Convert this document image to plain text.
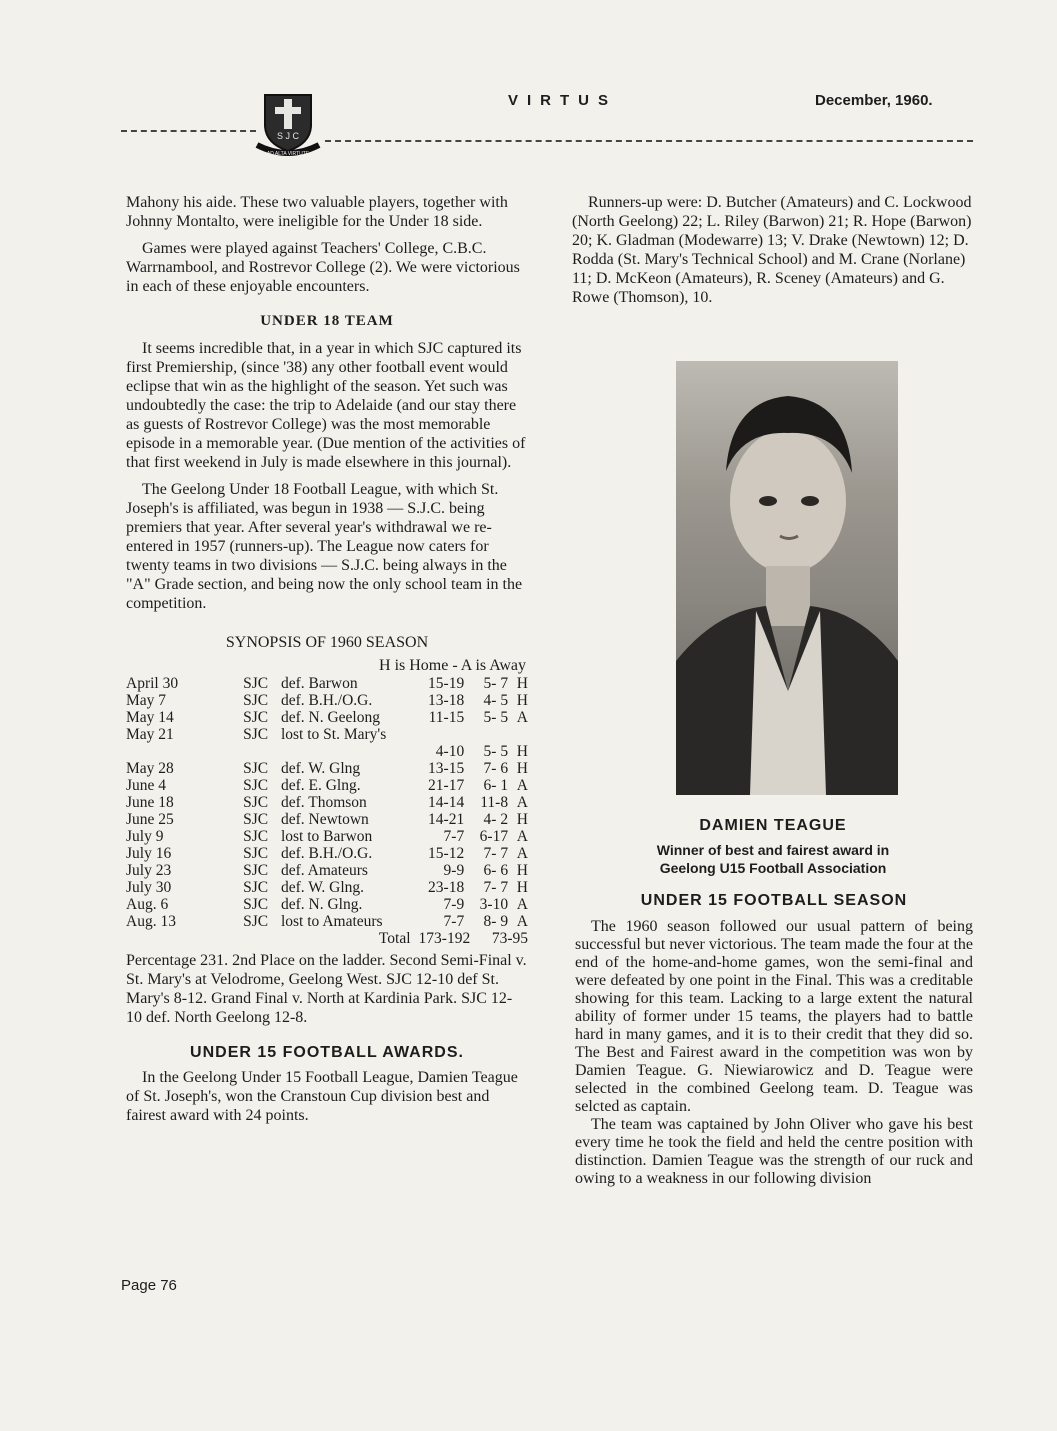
S J C
AD ALTA VIRTUTE
VIRTUS	December, 1960.

Mahony his aide. These two valuable players, together with Johnny Montalto, were ineligible for the Under 18 side.

Games were played against Teachers' College, C.B.C. Warrnambool, and Rostrevor College (2). We were victorious in each of these enjoyable encounters.

UNDER 18 TEAM

It seems incredible that, in a year in which SJC captured its first Premiership, (since '38) any other football event would eclipse that win as the highlight of the season. Yet such was undoubtedly the case: the trip to Adelaide (and our stay there as guests of Rostrevor College) was the most memorable episode in a memorable year. (Due mention of the activities of that first weekend in July is made elsewhere in this journal).

The Geelong Under 18 Football League, with which St. Joseph's is affiliated, was begun in 1938 — S.J.C. being premiers that year. After several year's withdrawal we re-entered in 1957 (runners-up). The League now caters for twenty teams in two divisions — S.J.C. being always in the "A" Grade section, and being now the only school team in the competition.

SYNOPSIS OF 1960 SEASON
H is Home - A is Away
April 30	SJC	def. Barwon	15-19	5- 7	H
May 7	SJC	def. B.H./O.G.	13-18	4- 5	H
May 14	SJC	def. N. Geelong	11-15	5- 5	A
May 21	SJC	lost to St. Mary's			
			4-10	5- 5	H
May 28	SJC	def. W. Glng	13-15	7- 6	H
June 4	SJC	def. E. Glng.	21-17	6- 1	A
June 18	SJC	def. Thomson	14-14	11-8	A
June 25	SJC	def. Newtown	14-21	4- 2	H
July 9	SJC	lost to Barwon	7-7	6-17	A
July 16	SJC	def. B.H./O.G.	15-12	7- 7	A
July 23	SJC	def. Amateurs	9-9	6- 6	H
July 30	SJC	def. W. Glng.	23-18	7- 7	H
Aug. 6	SJC	def. N. Glng.	7-9	3-10	A
Aug. 13	SJC	lost to Amateurs	7-7	8- 9	A
		Total	173-192	73-95	

Percentage 231. 2nd Place on the ladder. Second Semi-Final v. St. Mary's at Velodrome, Geelong West. SJC 12-10 def St. Mary's 8-12. Grand Final v. North at Kardinia Park. SJC 12-10 def. North Geelong 12-8.

UNDER 15 FOOTBALL AWARDS.

In the Geelong Under 15 Football League, Damien Teague of St. Joseph's, won the Cranstoun Cup division best and fairest award with 24 points.

Runners-up were: D. Butcher (Amateurs) and C. Lockwood (North Geelong) 22; L. Riley (Barwon) 21; R. Hope (Barwon) 20; K. Gladman (Modewarre) 13; V. Drake (Newtown) 12; D. Rodda (St. Mary's Technical School) and M. Crane (Norlane) 11; D. McKeon (Amateurs), R. Sceney (Amateurs) and G. Rowe (Thomson), 10.

DAMIEN TEAGUE
Winner of best and fairest award in
Geelong U15 Football Association
UNDER 15 FOOTBALL SEASON

The 1960 season followed our usual pattern of being successful but never victorious. The team made the four at the end of the home-and-home games, won the semi-final and were defeated by one point in the Final. This was a creditable showing for this team. Lacking to a large extent the natural ability of former under 15 teams, the players had to battle hard in many games, and it is to their credit that they did so. The Best and Fairest award in the competition was won by Damien Teague. G. Niewiarowicz and D. Teague were selected in the combined Geelong team. D. Teague was selcted as captain.

The team was captained by John Oliver who gave his best every time he took the field and held the centre position with distinction. Damien Teague was the strength of our ruck and owing to a weakness in our following division

Page 76
